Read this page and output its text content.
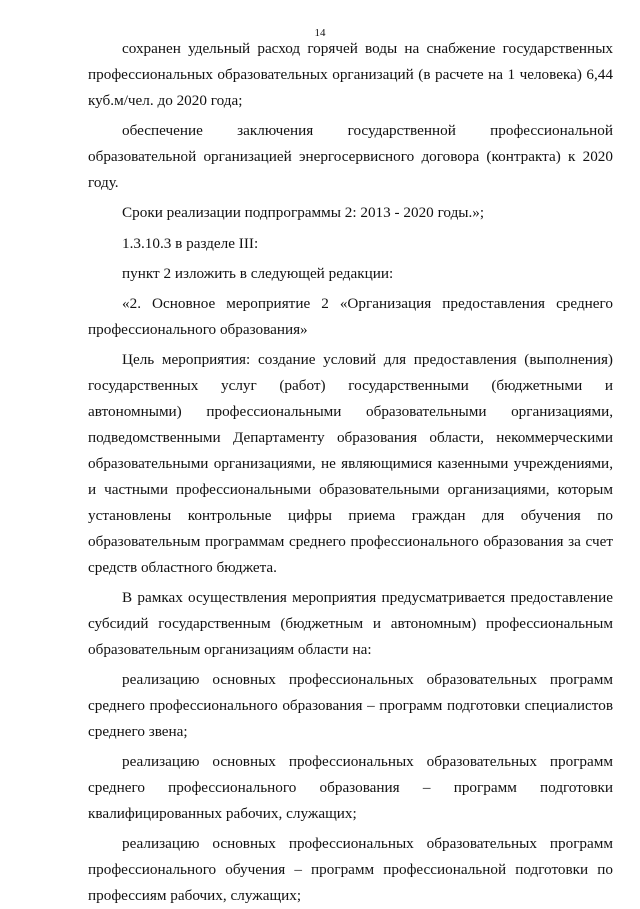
14

сохранен удельный расход горячей воды на снабжение государственных профессиональных образовательных организаций (в расчете на 1 человека) 6,44 куб.м/чел. до 2020 года;

обеспечение заключения государственной профессиональной образовательной организацией энергосервисного договора (контракта) к 2020 году.

Сроки реализации подпрограммы 2: 2013 - 2020 годы.»;

1.3.10.3 в разделе III:

пункт 2 изложить в следующей редакции:

«2. Основное мероприятие 2 «Организация предоставления среднего профессионального образования»

Цель мероприятия: создание условий для предоставления (выполнения) государственных услуг (работ) государственными (бюджетными и автономными) профессиональными образовательными организациями, подведомственными Департаменту образования области, некоммерческими образовательными организациями, не являющимися казенными учреждениями, и частными профессиональными образовательными организациями, которым установлены контрольные цифры приема граждан для обучения по образовательным программам среднего профессионального образования за счет средств областного бюджета.

В рамках осуществления мероприятия предусматривается предоставление субсидий государственным (бюджетным и автономным) профессиональным образовательным организациям области на:

реализацию основных профессиональных образовательных программ среднего профессионального образования – программ подготовки специалистов среднего звена;

реализацию основных профессиональных образовательных программ среднего профессионального образования – программ подготовки квалифицированных рабочих, служащих;

реализацию основных профессиональных образовательных программ профессионального обучения – программ профессиональной подготовки по профессиям рабочих, служащих;
